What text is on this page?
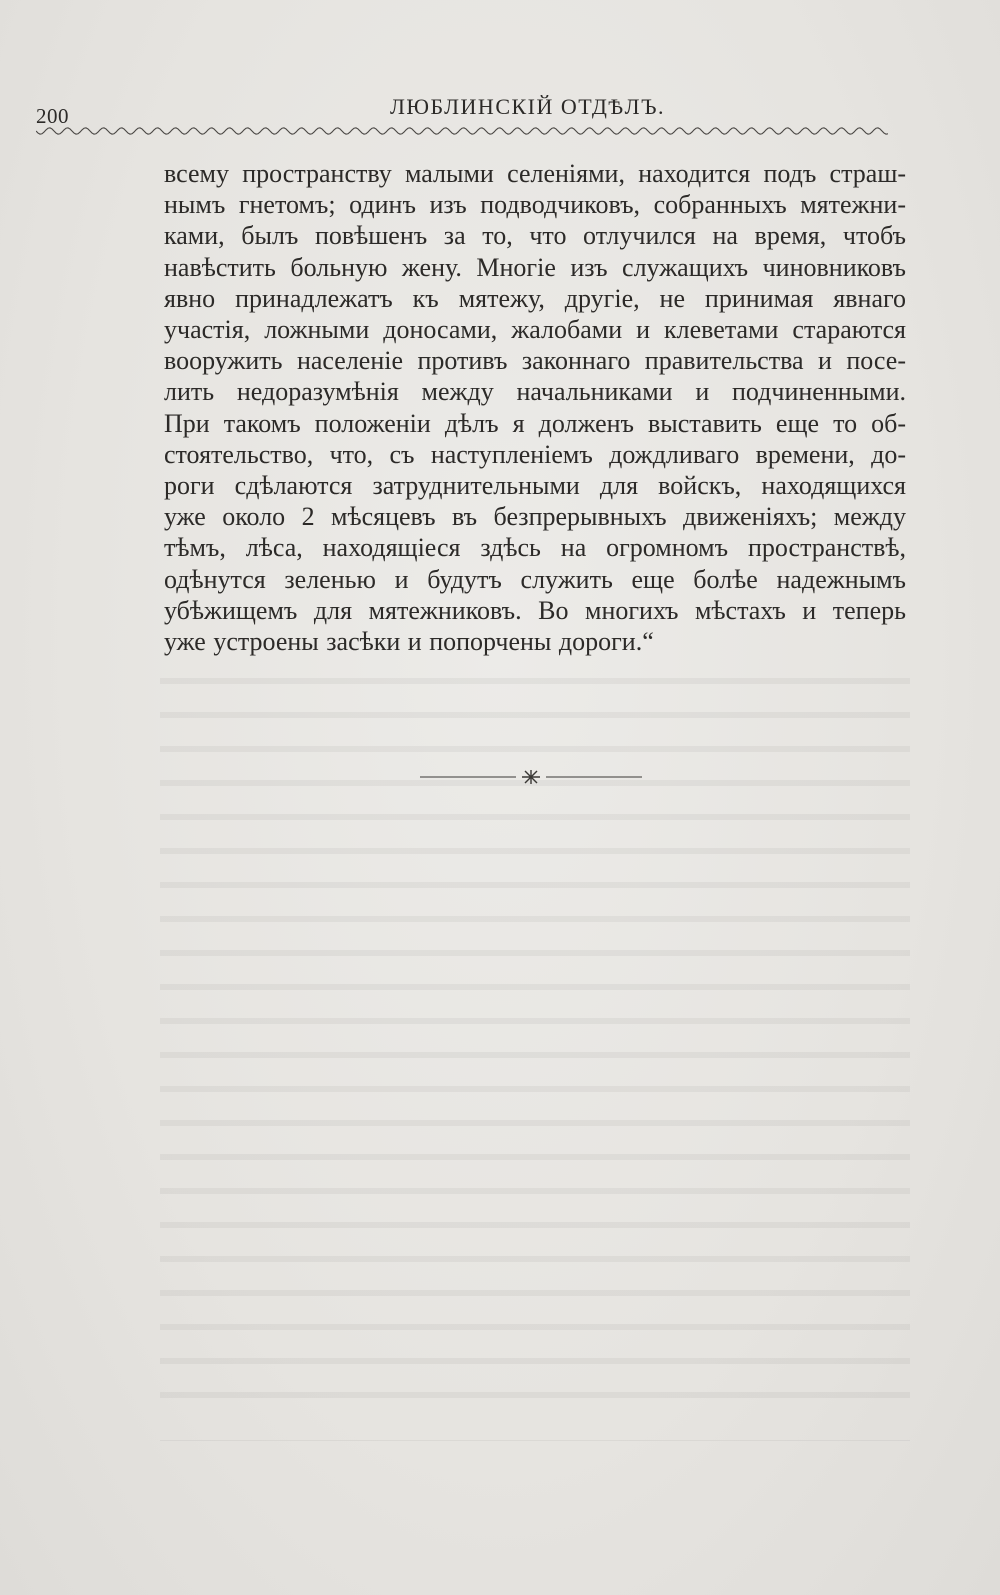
200	ЛЮБЛИНСКІЙ ОТДѢЛЪ.
всему пространству малыми селеніями, находится подъ страш-
нымъ гнетомъ; одинъ изъ подводчиковъ, собранныхъ мятежни-
ками, былъ повѣшенъ за то, что отлучился на время, чтобъ
навѣстить больную жену. Многіе изъ служащихъ чиновниковъ
явно принадлежатъ къ мятежу, другіе, не принимая явнаго
участія, ложными доносами, жалобами и клеветами стараются
вооружить населеніе противъ законнаго правительства и посе-
лить недоразумѣнія между начальниками и подчиненными.
При такомъ положеніи дѣлъ я долженъ выставить еще то об-
стоятельство, что, съ наступленіемъ дождливаго времени, до-
роги сдѣлаются затруднительными для войскъ, находящихся
уже около 2 мѣсяцевъ въ безпрерывныхъ движеніяхъ; между
тѣмъ, лѣса, находящіеся здѣсь на огромномъ пространствѣ,
одѣнутся зеленью и будутъ служить еще болѣе надежнымъ
убѣжищемъ для мятежниковъ. Во многихъ мѣстахъ и теперь
уже устроены засѣки и попорчены дороги.“
